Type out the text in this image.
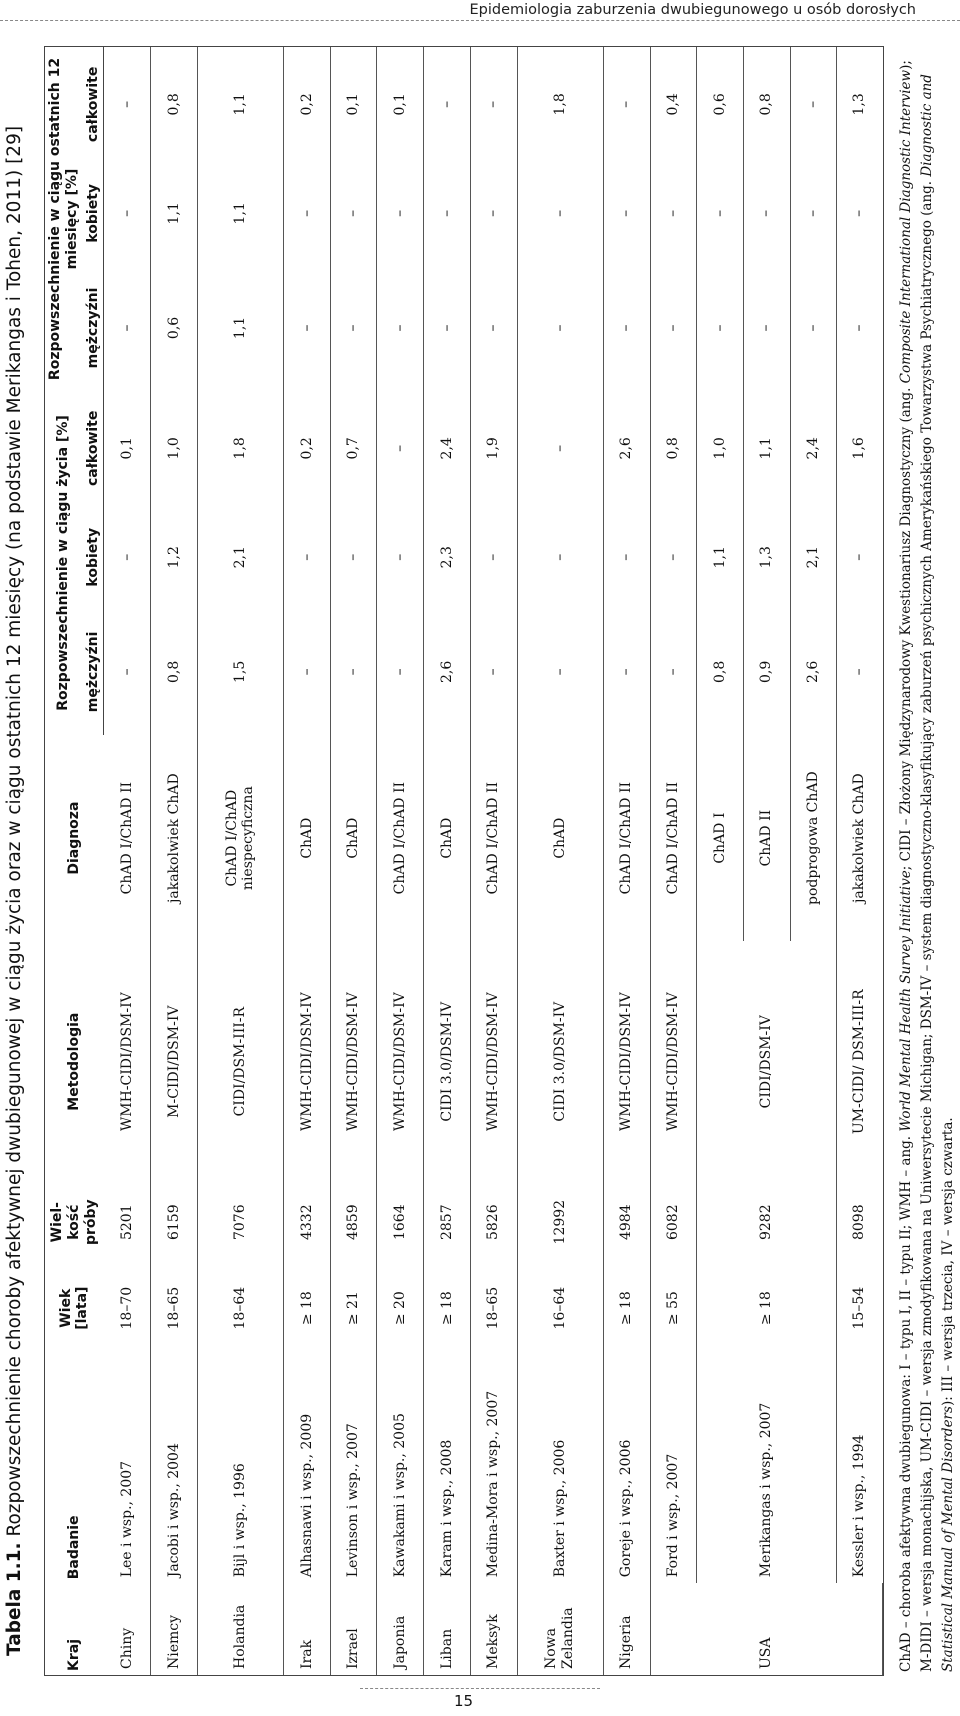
Epidemiologia zaburzenia dwubiegunowego u osób dorosłych
15
Tabela 1.1. Rozpowszechnienie choroby afektywnej dwubiegunowej w ciągu życia oraz w ciągu ostatnich 12 miesięcy (na podstawie Merikangas i Tohen, 2011) [29]
Kraj	Badanie	Wiek [lata]	Wiel- kość próby	Metodologia	Diagnoza	Rozpowszechnienie w ciągu życia [%]			Rozpowszechnienie w ciągu ostatnich 12 miesięcy [%]		
						mężczyźni	kobiety	całkowite	mężczyźni	kobiety	całkowite
Chiny	Lee i wsp., 2007	18–70	5201	WMH-CIDI/DSM-IV	ChAD I/ChAD II	–	–	0,1	–	–	–
Niemcy	Jacobi i wsp., 2004	18–65	6159	M-CIDI/DSM-IV	jakakolwiek ChAD	0,8	1,2	1,0	0,6	1,1	0,8
Holandia	Bijl i wsp., 1996	18–64	7076	CIDI/DSM-III-R	ChAD I/ChAD niespecyficzna	1,5	2,1	1,8	1,1	1,1	1,1
Irak	Alhasnawi i wsp., 2009	≥ 18	4332	WMH-CIDI/DSM-IV	ChAD	–	–	0,2	–	–	0,2
Izrael	Levinson i wsp., 2007	≥ 21	4859	WMH-CIDI/DSM-IV	ChAD	–	–	0,7	–	–	0,1
Japonia	Kawakami i wsp., 2005	≥ 20	1664	WMH-CIDI/DSM-IV	ChAD I/ChAD II	–	–	–	–	–	0,1
Liban	Karam i wsp., 2008	≥ 18	2857	CIDI 3.0/DSM-IV	ChAD	2,6	2,3	2,4	–	–	–
Meksyk	Medina-Mora i wsp., 2007	18–65	5826	WMH-CIDI/DSM-IV	ChAD I/ChAD II	–	–	1,9	–	–	–
Nowa Zelandia	Baxter i wsp., 2006	16–64	12992	CIDI 3.0/DSM-IV	ChAD	–	–	–	–	–	1,8
Nigeria	Goreje i wsp., 2006	≥ 18	4984	WMH-CIDI/DSM-IV	ChAD I/ChAD II	–	–	2,6	–	–	–
USA	Ford i wsp., 2007	≥ 55	6082	WMH-CIDI/DSM-IV	ChAD I/ChAD II	–	–	0,8	–	–	0,4
	Merikangas i wsp., 2007	≥ 18	9282	CIDI/DSM-IV	ChAD I	0,8	1,1	1,0	–	–	0,6
					ChAD II	0,9	1,3	1,1	–	–	0,8
					podprogowa ChAD	2,6	2,1	2,4	–	–	–
	Kessler i wsp., 1994	15–54	8098	UM-CIDI/ DSM-III-R	jakakolwiek ChAD	–	–	1,6	–	–	1,3
ChAD – choroba afektywna dwubiegunowa: I – typu I, II – typu II; WMH – ang. World Mental Health Survey Initiative; CIDI – Złożony Międzynarodowy Kwestionariusz Diagnostyczny (ang. Composite International Diagnostic Interview); M-DIDI – wersja monachijska, UM-CIDI – wersja zmodyfikowana na Uniwersytecie Michigan; DSM-IV – system diagnostyczno-klasyfikujący zaburzeń psychicznych Amerykańskiego Towarzystwa Psychiatrycznego (ang. Diagnostic and Statistical Manual of Mental Disorders): III – wersja trzecia, IV – wersja czwarta.
